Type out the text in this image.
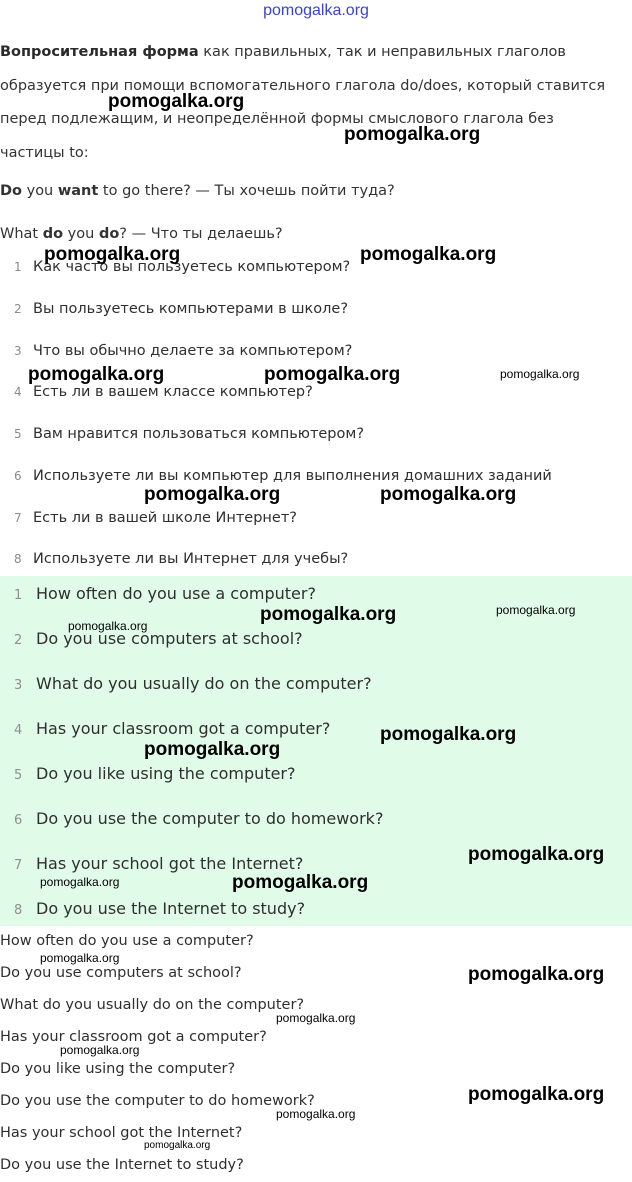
pomogalka.org
Вопросительная форма как правильных, так и неправильных глаголов образуется при помощи вспомогательного глагола do/does, который ставится перед подлежащим, и неопределённой формы смыслового глагола без частицы to:
Do you want to go there? — Ты хочешь пойти туда?
What do you do? — Что ты делаешь?
1 Как часто вы пользуетесь компьютером?
2 Вы пользуетесь компьютерами в школе?
3 Что вы обычно делаете за компьютером?
4 Есть ли в вашем классе компьютер?
5 Вам нравится пользоваться компьютером?
6 Используете ли вы компьютер для выполнения домашних заданий
7 Есть ли в вашей школе Интернет?
8 Используете ли вы Интернет для учебы?
1 How often do you use a computer?
2 Do you use computers at school?
3 What do you usually do on the computer?
4 Has your classroom got a computer?
5 Do you like using the computer?
6 Do you use the computer to do homework?
7 Has your school got the Internet?
8 Do you use the Internet to study?
How often do you use a computer?
Do you use computers at school?
What do you usually do on the computer?
Has your classroom got a computer?
Do you like using the computer?
Do you use the computer to do homework?
Has your school got the Internet?
Do you use the Internet to study?
pomogalka.org
pomogalka.org
pomogalka.org	pomogalka.org
pomogalka.org	pomogalka.org	pomogalka.org
pomogalka.org	pomogalka.org
pomogalka.org	pomogalka.org
pomogalka.org
pomogalka.org
pomogalka.org
pomogalka.org
pomogalka.org	pomogalka.org
pomogalka.org
pomogalka.org
pomogalka.org
pomogalka.org
pomogalka.org
pomogalka.org
pomogalka.org
